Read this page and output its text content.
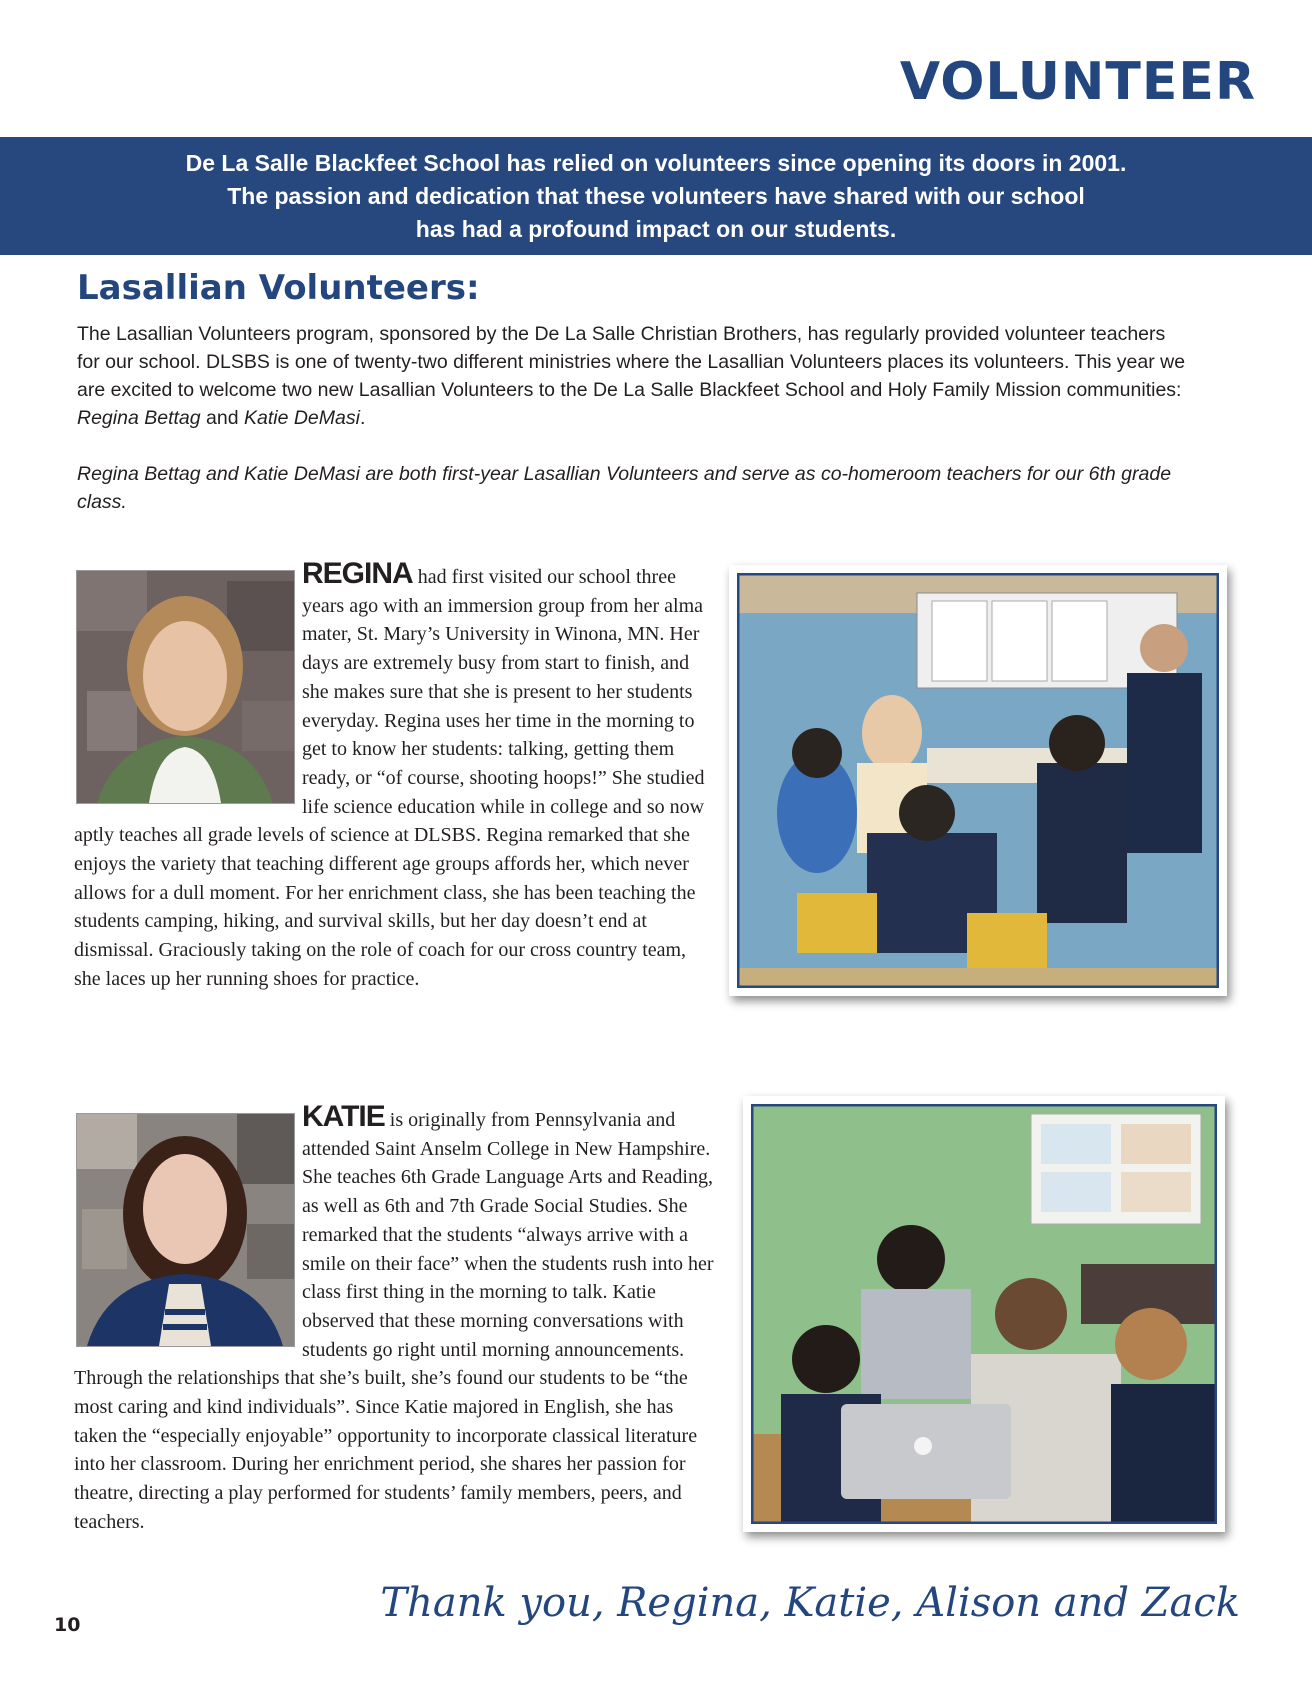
VOLUNTEER

De La Salle Blackfeet School has relied on volunteers since opening its doors in 2001.

The passion and dedication that these volunteers have shared with our school

has had a profound impact on our students.

Lasallian Volunteers:

The Lasallian Volunteers program, sponsored by the De La Salle Christian Brothers, has regularly provided volunteer teachers for our school. DLSBS is one of twenty-two different ministries where the Lasallian Volunteers places its volunteers. This year we are excited to welcome two new Lasallian Volunteers to the De La Salle Blackfeet School and Holy Family Mission communities: Regina Bettag and Katie DeMasi.

Regina Bettag and Katie DeMasi are both first-year Lasallian Volunteers and serve as co-homeroom teachers for our 6th grade class.

REGINA had first visited our school three years ago with an immersion group from her alma mater, St. Mary’s University in Winona, MN. Her days are extremely busy from start to finish, and she makes sure that she is present to her students everyday. Regina uses her time in the morning to get to know her students: talking, getting them ready, or “of course, shooting hoops!” She studied life science education while in college and so now aptly teaches all grade levels of science at DLSBS. Regina remarked that she enjoys the variety that teaching different age groups affords her, which never allows for a dull moment. For her enrichment class, she has been teaching the students camping, hiking, and survival skills, but her day doesn’t end at dismissal. Graciously taking on the role of coach for our cross country team, she laces up her running shoes for practice.
KATIE is originally from Pennsylvania and attended Saint Anselm College in New Hampshire. She teaches 6th Grade Language Arts and Reading, as well as 6th and 7th Grade Social Studies. She remarked that the students “always arrive with a smile on their face” when the students rush into her class first thing in the morning to talk. Katie observed that these morning conversations with students go right until morning announcements. Through the relationships that she’s built, she’s found our students to be “the most caring and kind individuals”. Since Katie majored in English, she has taken the “especially enjoyable” opportunity to incorporate classical literature into her classroom. During her enrichment period, she shares her passion for theatre, directing a play performed for students’ family members, peers, and teachers.

Thank you, Regina, Katie, Alison and Zack

10
